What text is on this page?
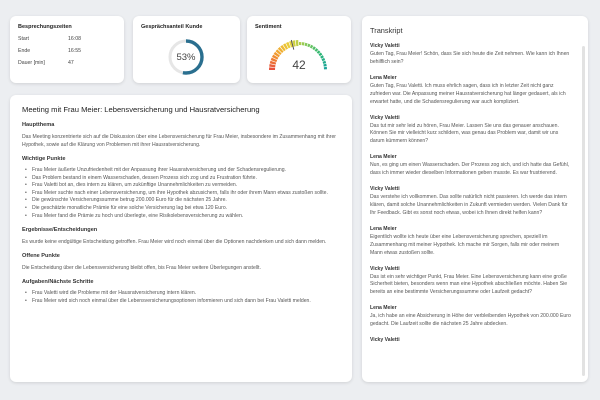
Besprechungszeiten
Start	16:08
Ende	16:55
Dauer [min]	47
Gesprächsanteil Kunde
53%
Sentiment
42
Meeting mit Frau Meier: Lebensversicherung und Hausratversicherung
Hauptthema

Das Meeting konzentrierte sich auf die Diskussion über eine Lebensversicherung für Frau Meier, insbesondere im Zusammenhang mit ihrer Hypothek, sowie auf die Klärung von Problemen mit ihrer Hausratversicherung.

Wichtige Punkte
• Frau Meier äußerte Unzufriedenheit mit der Anpassung ihrer Hausratversicherung und der Schadensregulierung.
• Das Problem bestand in einem Wasserschaden, dessen Prozess sich zog und zu Frustration führte.
• Frau Valetti bot an, dies intern zu klären, um zukünftige Unannehmlichkeiten zu vermeiden.
• Frau Meier suchte nach einer Lebensversicherung, um ihre Hypothek abzusichern, falls ihr oder ihrem Mann etwas zustoßen sollte.
• Die gewünschte Versicherungssumme betrug 200.000 Euro für die nächsten 25 Jahre.
• Die geschätzte monatliche Prämie für eine solche Versicherung lag bei etwa 120 Euro.
• Frau Meier fand die Prämie zu hoch und überlegte, eine Risikolebensversicherung zu wählen.
Ergebnisse/Entscheidungen

Es wurde keine endgültige Entscheidung getroffen. Frau Meier wird noch einmal über die Optionen nachdenken und sich dann melden.

Offene Punkte

Die Entscheidung über die Lebensversicherung bleibt offen, bis Frau Meier weitere Überlegungen anstellt.

Aufgaben/Nächste Schritte
• Frau Valetti wird die Probleme mit der Hausratversicherung intern klären.
• Frau Meier wird sich noch einmal über die Lebensversicherungsoptionen informieren und sich dann bei Frau Valetti melden.
Transkript
Vicky Valetti
Guten Tag, Frau Meier! Schön, dass Sie sich heute die Zeit nehmen. Wie kann ich Ihnen behilflich sein?
Lena Meier
Guten Tag, Frau Valetti. Ich muss ehrlich sagen, dass ich in letzter Zeit nicht ganz zufrieden war. Die Anpassung meiner Hausratversicherung hat länger gedauert, als ich erwartet hatte, und die Schadensregulierung war auch kompliziert.
Vicky Valetti
Das tut mir sehr leid zu hören, Frau Meier. Lassen Sie uns das genauer anschauen. Können Sie mir vielleicht kurz schildern, was genau das Problem war, damit wir uns darum kümmern können?
Lena Meier
Nun, es ging um einen Wasserschaden. Der Prozess zog sich, und ich hatte das Gefühl, dass ich immer wieder dieselben Informationen geben musste. Es war frustrierend.
Vicky Valetti
Das verstehe ich vollkommen. Das sollte natürlich nicht passieren. Ich werde das intern klären, damit solche Unannehmlichkeiten in Zukunft vermieden werden. Vielen Dank für Ihr Feedback. Gibt es sonst noch etwas, wobei ich Ihnen direkt helfen kann?
Lena Meier
Eigentlich wollte ich heute über eine Lebensversicherung sprechen, speziell im Zusammenhang mit meiner Hypothek. Ich mache mir Sorgen, falls mir oder meinem Mann etwas zustoßen sollte.
Vicky Valetti
Das ist ein sehr wichtiger Punkt, Frau Meier. Eine Lebensversicherung kann eine große Sicherheit bieten, besonders wenn man eine Hypothek abschließen möchte. Haben Sie bereits an eine bestimmte Versicherungssumme oder Laufzeit gedacht?
Lena Meier
Ja, ich habe an eine Absicherung in Höhe der verbleibenden Hypothek von 200.000 Euro gedacht. Die Laufzeit sollte die nächsten 25 Jahre abdecken.
Vicky Valetti
